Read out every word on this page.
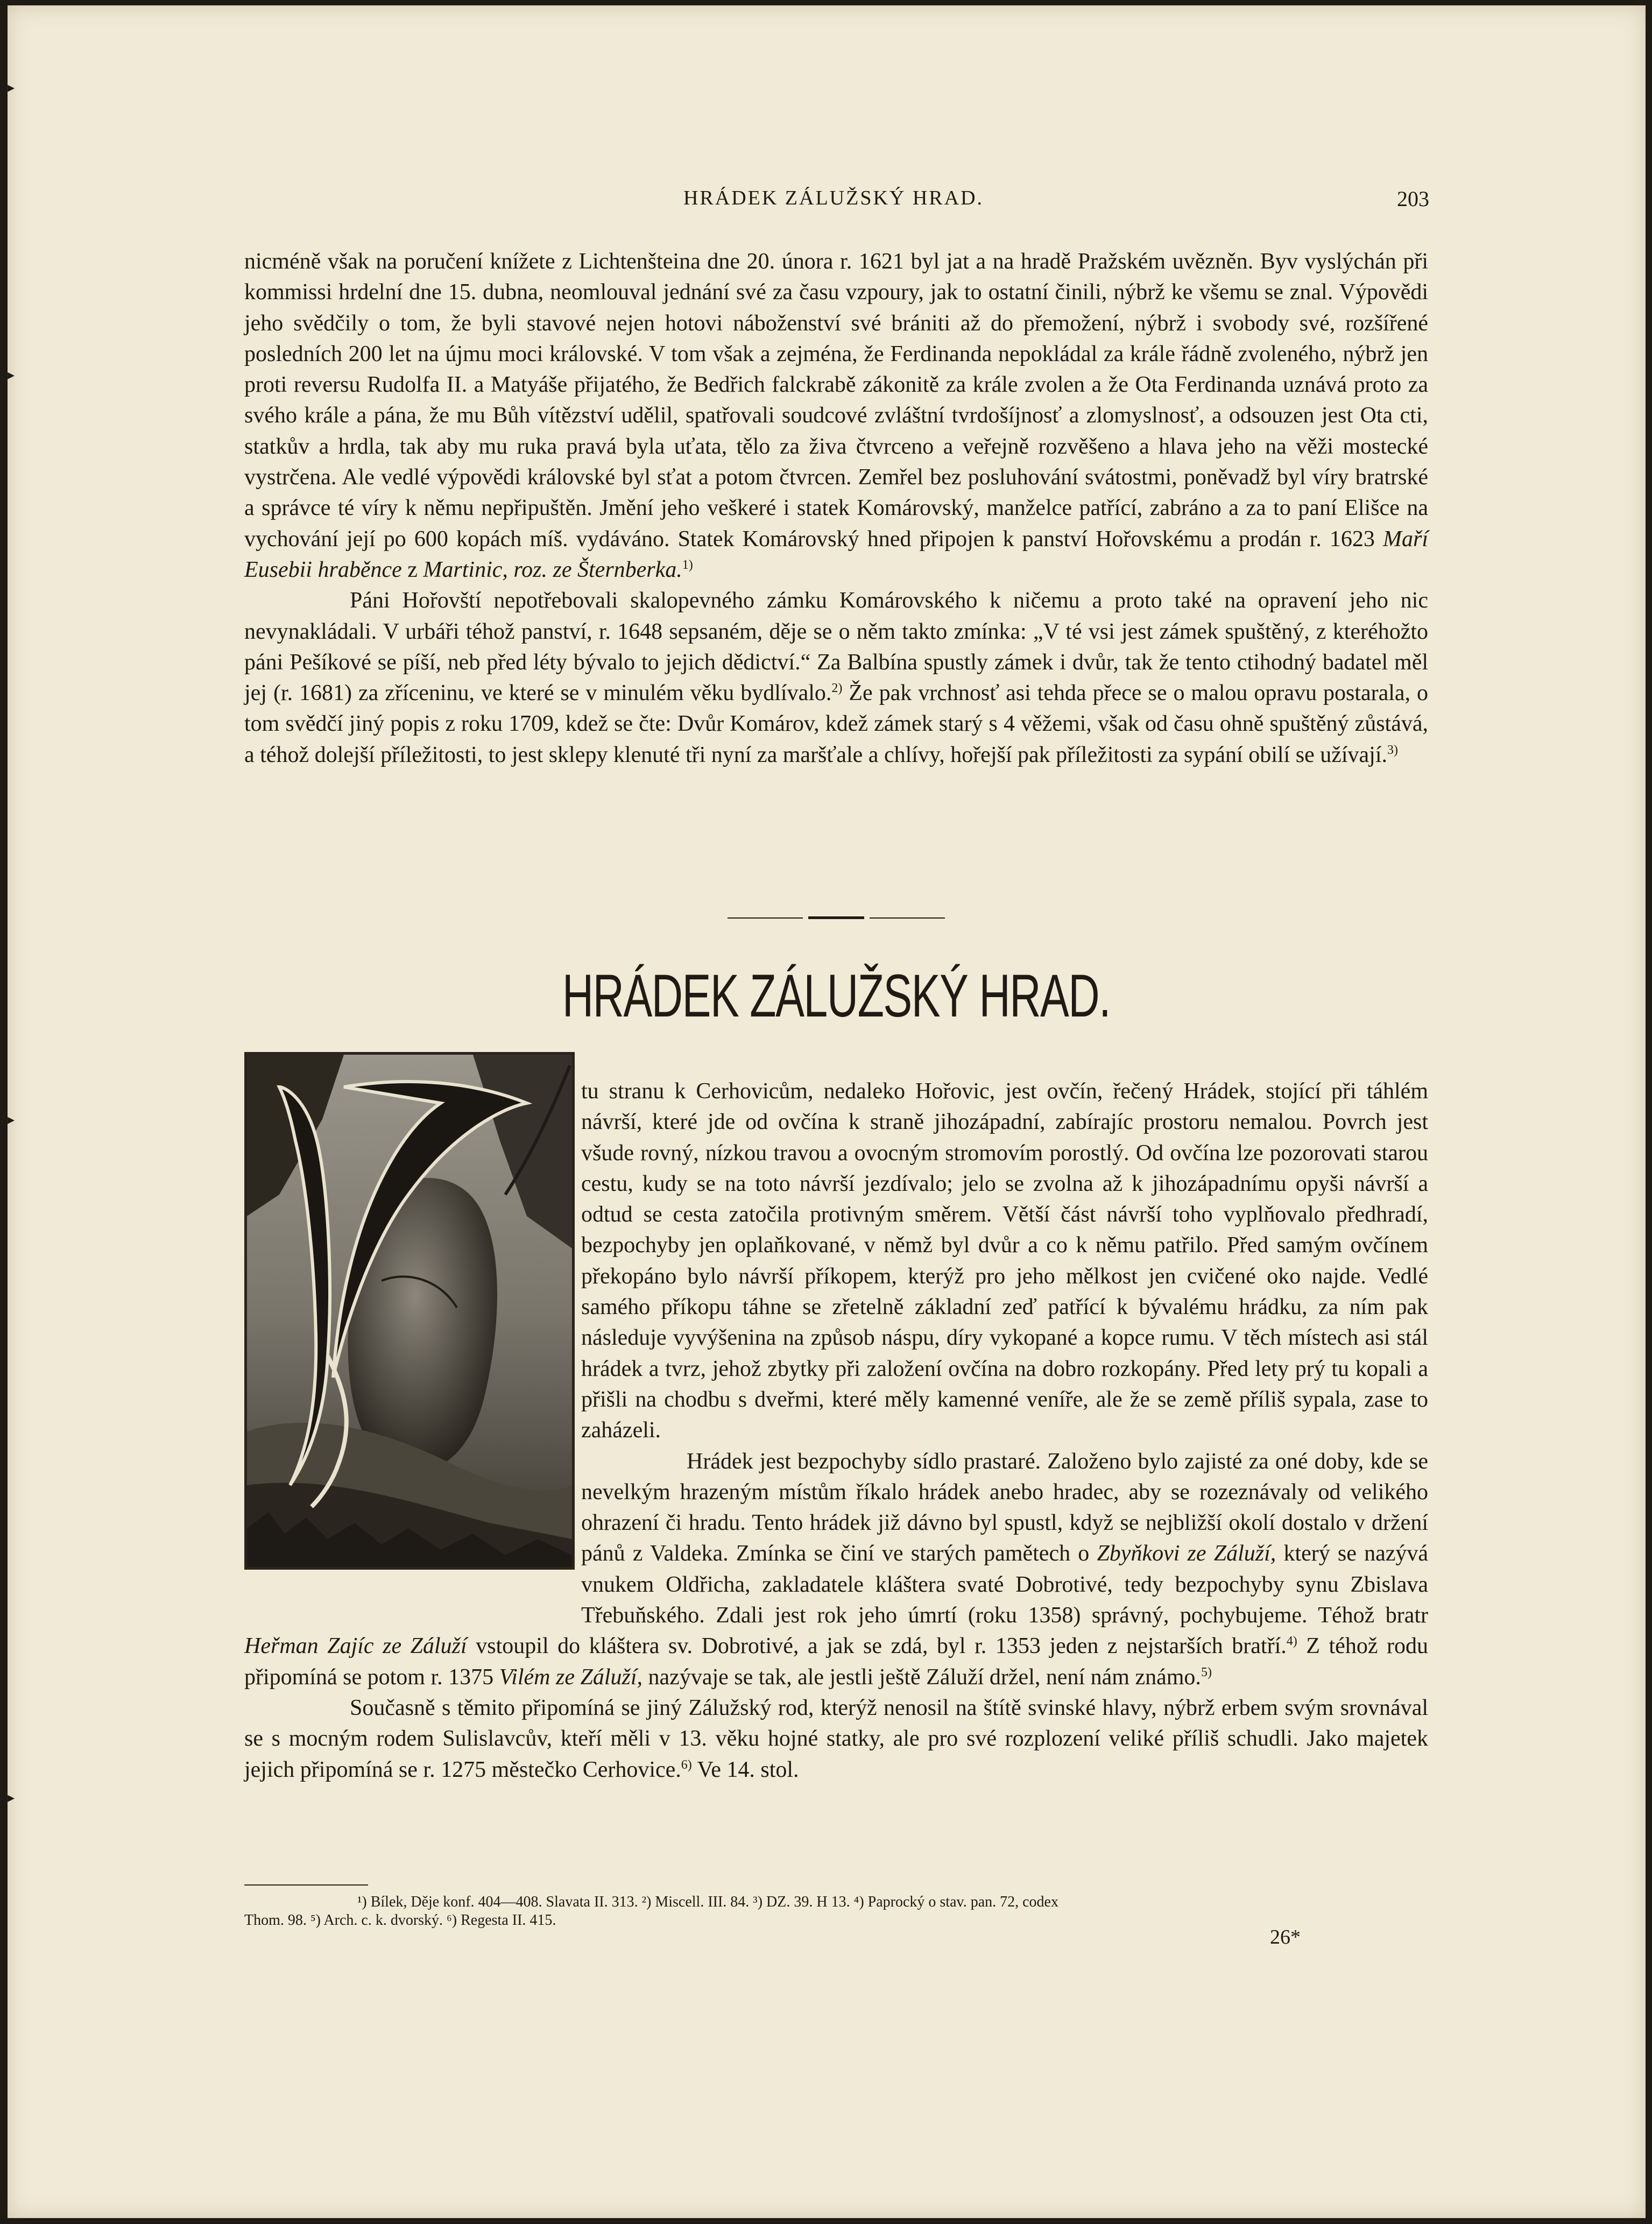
▸
▸
▸
▸
HRÁDEK ZÁLUŽSKÝ HRAD.	203

nicméně však na poručení knížete z Lichtenšteina dne 20. února r. 1621 byl jat a na hradě Pražském uvězněn. Byv vyslýchán při kommissi hrdelní dne 15. dubna, neomlouval jednání své za času vzpoury, jak to ostatní činili, nýbrž ke všemu se znal. Výpovědi jeho svědčily o tom, že byli stavové nejen hotovi náboženství své brániti až do přemožení, nýbrž i svobody své, rozšířené posledních 200 let na újmu moci královské. V tom však a zejména, že Ferdinanda nepokládal za krále řádně zvoleného, nýbrž jen proti reversu Rudolfa II. a Matyáše přijatého, že Bedřich falckrabě zákonitě za krále zvolen a že Ota Ferdinanda uznává proto za svého krále a pána, že mu Bůh vítězství udělil, spatřovali soudcové zvláštní tvrdošíjnosť a zlomyslnosť, a odsouzen jest Ota cti, statkův a hrdla, tak aby mu ruka pravá byla uťata, tělo za živa čtvrceno a veřejně rozvěšeno a hlava jeho na věži mostecké vystrčena. Ale vedlé výpovědi královské byl sťat a potom čtvrcen. Zemřel bez posluhování svátostmi, poněvadž byl víry bratrské a správce té víry k němu nepřipuštěn. Jmění jeho veškeré i statek Komárovský, manželce patřící, zabráno a za to paní Elišce na vychování její po 600 kopách míš. vydáváno. Statek Komárovský hned připojen k panství Hořovskému a prodán r. 1623 Maří Eusebii hraběnce z Martinic, roz. ze Šternberka.$^{1)}$

Páni Hořovští nepotřebovali skalopevného zámku Komárovského k ničemu a proto také na opravení jeho nic nevynakládali. V urbáři téhož panství, r. 1648 sepsaném, děje se o něm takto zmínka: „V té vsi jest zámek spuštěný, z kteréhožto páni Pešíkové se píší, neb před léty bývalo to jejich dědictví.“ Za Balbína spustly zámek i dvůr, tak že tento ctihodný badatel měl jej (r. 1681) za zříceninu, ve které se v minulém věku bydlívalo.$^{2)}$ Že pak vrchnosť asi tehda přece se o malou opravu postarala, o tom svědčí jiný popis z roku 1709, kdež se čte: Dvůr Komárov, kdež zámek starý s 4 věžemi, však od času ohně spuštěný zůstává, a téhož dolejší příležitosti, to jest sklepy klenuté tři nyní za maršťale a chlívy, hořejší pak příležitosti za sypání obilí se užívají.$^{3)}$

HRÁDEK ZÁLUŽSKÝ HRAD.
V

tu stranu k Cerhovicům, nedaleko Hořovic, jest ovčín, řečený Hrádek, stojící při táhlém návrší, které jde od ovčína k straně jihozápadní, zabírajíc prostoru nemalou. Povrch jest všude rovný, nízkou travou a ovocným stromovím porostlý. Od ovčína lze pozorovati starou cestu, kudy se na toto návrší jezdívalo; jelo se zvolna až k jihozápadnímu opyši návrší a odtud se cesta zatočila protivným směrem. Větší část návrší toho vyplňovalo předhradí, bezpochyby jen oplaňkované, v němž byl dvůr a co k němu patřilo. Před samým ovčínem překopáno bylo návrší příkopem, kterýž pro jeho mělkost jen cvičené oko najde. Vedlé samého příkopu táhne se zřetelně základní zeď patřící k bývalému hrádku, za ním pak následuje vyvýšenina na způsob náspu, díry vykopané a kopce rumu. V těch místech asi stál hrádek a tvrz, jehož zbytky při založení ovčína na dobro rozkopány. Před lety prý tu kopali a přišli na chodbu s dveřmi, které měly kamenné veníře, ale že se země příliš sypala, zase to zaházeli.

Hrádek jest bezpochyby sídlo prastaré. Založeno bylo zajisté za oné doby, kde se nevelkým hrazeným místům říkalo hrádek anebo hradec, aby se rozeznávaly od velikého ohrazení či hradu. Tento hrádek již dávno byl spustl, když se nejbližší okolí dostalo v držení pánů z Valdeka. Zmínka se činí ve starých pamětech o Zbyňkovi ze Záluží, který se nazývá vnukem Oldřicha, zakladatele kláštera svaté Dobrotivé, tedy bezpochyby synu Zbislava Třebuňského. Zdali jest rok jeho úmrtí (roku 1358) správný, pochybujeme. Téhož bratr Heřman Zajíc ze Záluží vstoupil do kláštera sv. Dobrotivé, a jak se zdá, byl r. 1353 jeden z nejstarších bratří.$^{4)}$ Z téhož rodu připomíná se potom r. 1375 Vilém ze Záluží, nazývaje se tak, ale jestli ještě Záluží držel, není nám známo.$^{5)}$

Současně s těmito připomíná se jiný Zálužský rod, kterýž nenosil na štítě svinské hlavy, nýbrž erbem svým srovnával se s mocným rodem Sulislavcův, kteří měli v 13. věku hojné statky, ale pro své rozplození veliké příliš schudli. Jako majetek jejich připomíná se r. 1275 městečko Cerhovice.$^{6)}$ Ve 14. stol.

¹) Bílek, Děje konf. 404—408. Slavata II. 313. ²) Miscell. III. 84. ³) DZ. 39. H 13. ⁴) Paprocký o stav. pan. 72, codex
Thom. 98. ⁵) Arch. c. k. dvorský. ⁶) Regesta II. 415.
26*
